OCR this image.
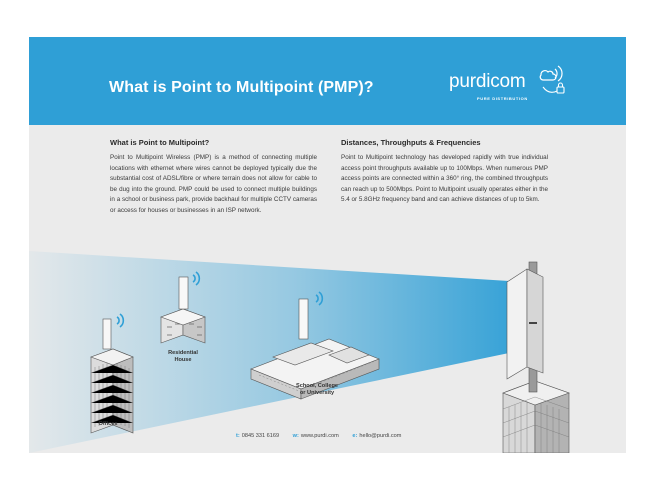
What is Point to Multipoint (PMP)?	purdicom
PURE DISTRIBUTION
What is Point to Multipoint?

Point to Multipoint Wireless (PMP) is a method of connecting multiple locations with ethernet where wires cannot be deployed typically due the substantial cost of ADSL/fibre or where terrain does not allow for cable to be dug into the ground. PMP could be used to connect multiple buildings in a school or business park, provide backhaul for multiple CCTV cameras or access for houses or businesses in an ISP network.

Distances, Throughputs & Frequencies

Point to Multipoint technology has developed rapidly with true individual access point throughputs available up to 100Mbps. When numerous PMP access points are connected within a 360° ring, the combined throughputs can reach up to 500Mbps. Point to Multipoint usually operates either in the 5.4 or 5.8GHz frequency band and can achieve distances of up to 5km.

Offices
Residential
House
School, College
or University
t: 0845 331 6169 w: www.purdi.com e: hello@purdi.com
